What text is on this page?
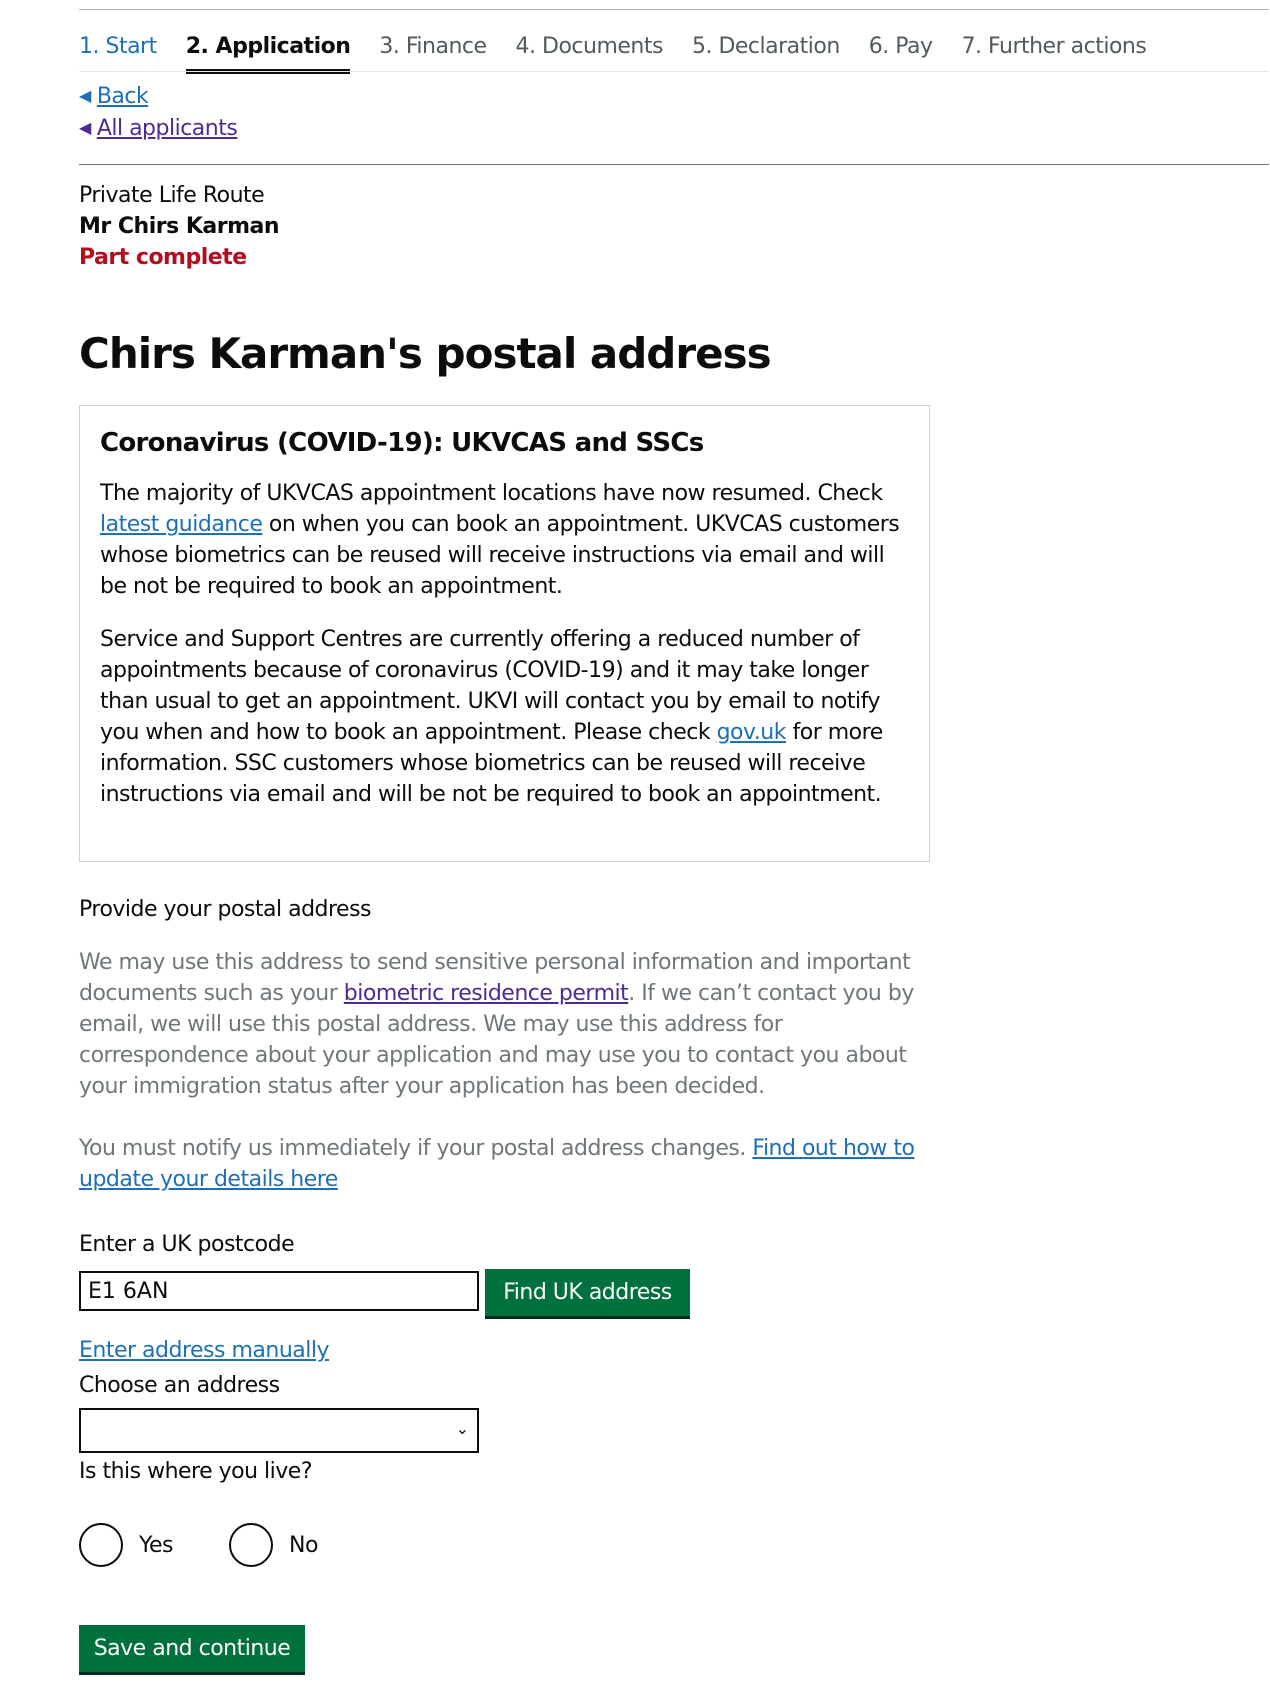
1. Start 2. Application 3. Finance 4. Documents 5. Declaration 6. Pay 7. Further actions
◀ Back
◀ All applicants
Private Life Route
Mr Chirs Karman
Part complete
Chirs Karman's postal address
Coronavirus (COVID-19): UKVCAS and SSCs

The majority of UKVCAS appointment locations have now resumed. Check latest guidance on when you can book an appointment. UKVCAS customers whose biometrics can be reused will receive instructions via email and will be not be required to book an appointment.

Service and Support Centres are currently offering a reduced number of appointments because of coronavirus (COVID-19) and it may take longer than usual to get an appointment. UKVI will contact you by email to notify you when and how to book an appointment. Please check gov.uk for more information. SSC customers whose biometrics can be reused will receive instructions via email and will be not be required to book an appointment.

Provide your postal address

We may use this address to send sensitive personal information and important documents such as your biometric residence permit. If we can’t contact you by email, we will use this postal address. We may use this address for correspondence about your application and may use you to contact you about your immigration status after your application has been decided.

You must notify us immediately if your postal address changes. Find out how to update your details here

Enter a UK postcode
E1 6AN
Find UK address
Enter address manually
Choose an address
⌄
Is this where you live?
Yes	No
Save and continue
